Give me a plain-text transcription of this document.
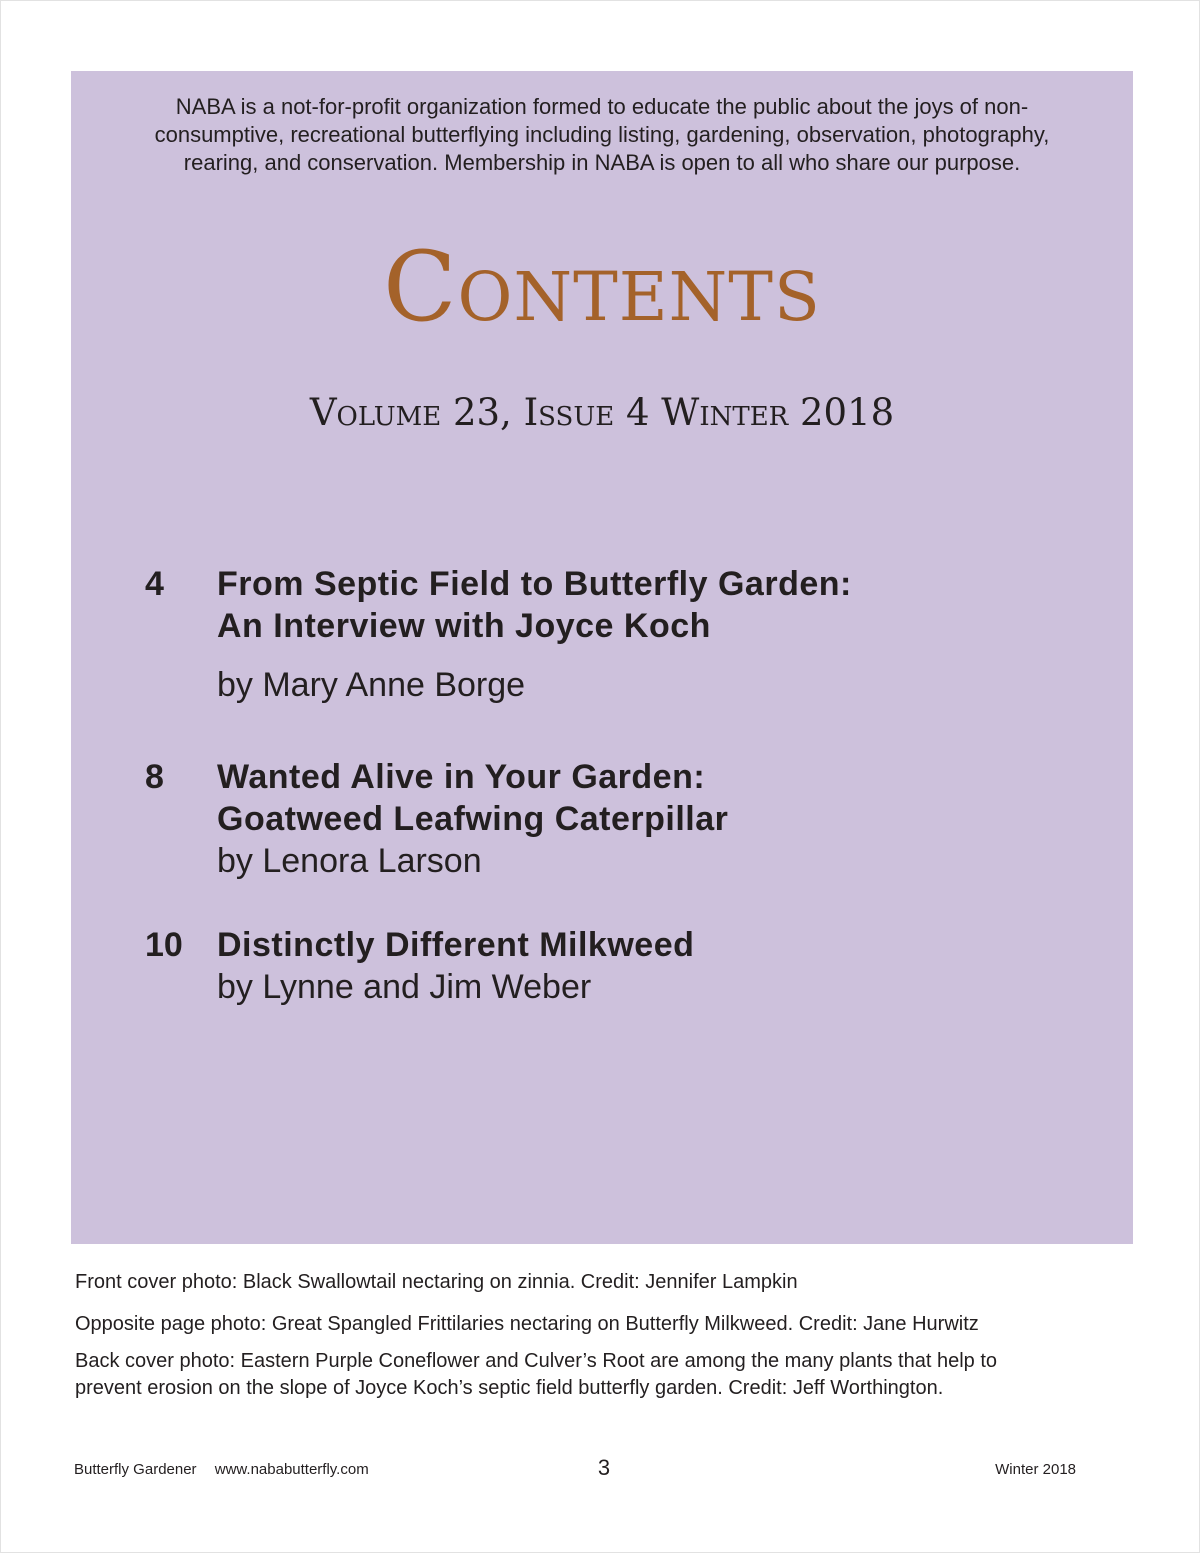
NABA is a not-for-profit organization formed to educate the public about the joys of non-
consumptive, recreational butterflying including listing, gardening, observation, photography,
rearing, and conservation. Membership in NABA is open to all who share our purpose.
Contents
Volume 23, Issue 4 Winter 2018
4 From Septic Field to Butterfly Garden:
An Interview with Joyce Koch
by Mary Anne Borge
8 Wanted Alive in Your Garden:
Goatweed Leafwing Caterpillar
by Lenora Larson
10 Distinctly Different Milkweed
by Lynne and Jim Weber
Front cover photo: Black Swallowtail nectaring on zinnia. Credit: Jennifer Lampkin
Opposite page photo: Great Spangled Frittilaries nectaring on Butterfly Milkweed. Credit: Jane Hurwitz
Back cover photo: Eastern Purple Coneflower and Culver’s Root are among the many plants that help to
prevent erosion on the slope of Joyce Koch’s septic field butterfly garden. Credit: Jeff Worthington.
Butterfly Gardener www.nababutterfly.com	3	Winter 2018
